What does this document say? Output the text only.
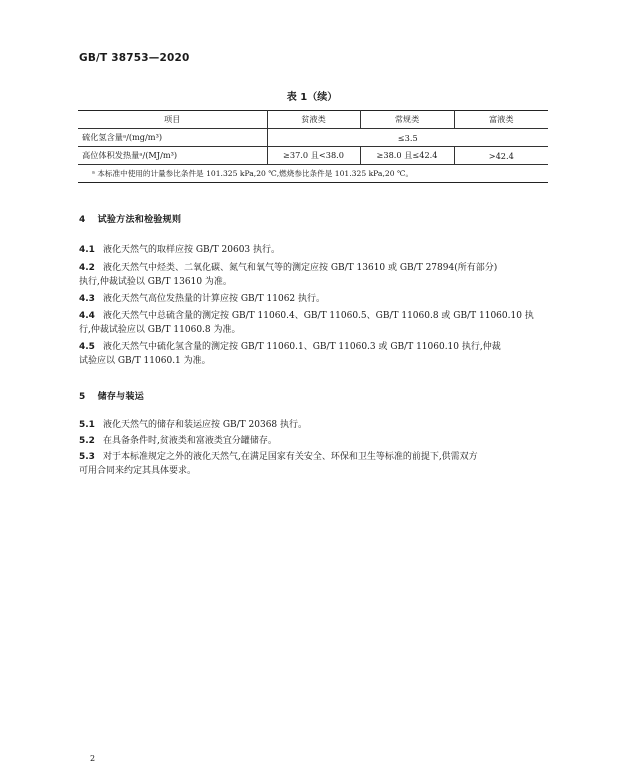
GB/T 38753—2020
表 1（续）
项目	贫液类	常规类	富液类
硫化氢含量ᵃ/(mg/m³)	≤3.5		
高位体积发热量ᵃ/(MJ/m³)	≥37.0 且<38.0	≥38.0 且≤42.4	>42.4
ᵃ 本标准中使用的计量参比条件是 101.325 kPa,20 ℃,燃烧参比条件是 101.325 kPa,20 ℃。			
4 试验方法和检验规则
4.1 液化天然气的取样应按 GB/T 20603 执行。
4.2 液化天然气中烃类、二氧化碳、氮气和氧气等的测定应按 GB/T 13610 或 GB/T 27894(所有部分)
执行,仲裁试验以 GB/T 13610 为准。
4.3 液化天然气高位发热量的计算应按 GB/T 11062 执行。
4.4 液化天然气中总硫含量的测定按 GB/T 11060.4、GB/T 11060.5、GB/T 11060.8 或 GB/T 11060.10 执
行,仲裁试验应以 GB/T 11060.8 为准。
4.5 液化天然气中硫化氢含量的测定按 GB/T 11060.1、GB/T 11060.3 或 GB/T 11060.10 执行,仲裁
试验应以 GB/T 11060.1 为准。
5 储存与装运
5.1 液化天然气的储存和装运应按 GB/T 20368 执行。
5.2 在具备条件时,贫液类和富液类宜分罐储存。
5.3 对于本标准规定之外的液化天然气,在满足国家有关安全、环保和卫生等标准的前提下,供需双方
可用合同来约定其具体要求。
2
